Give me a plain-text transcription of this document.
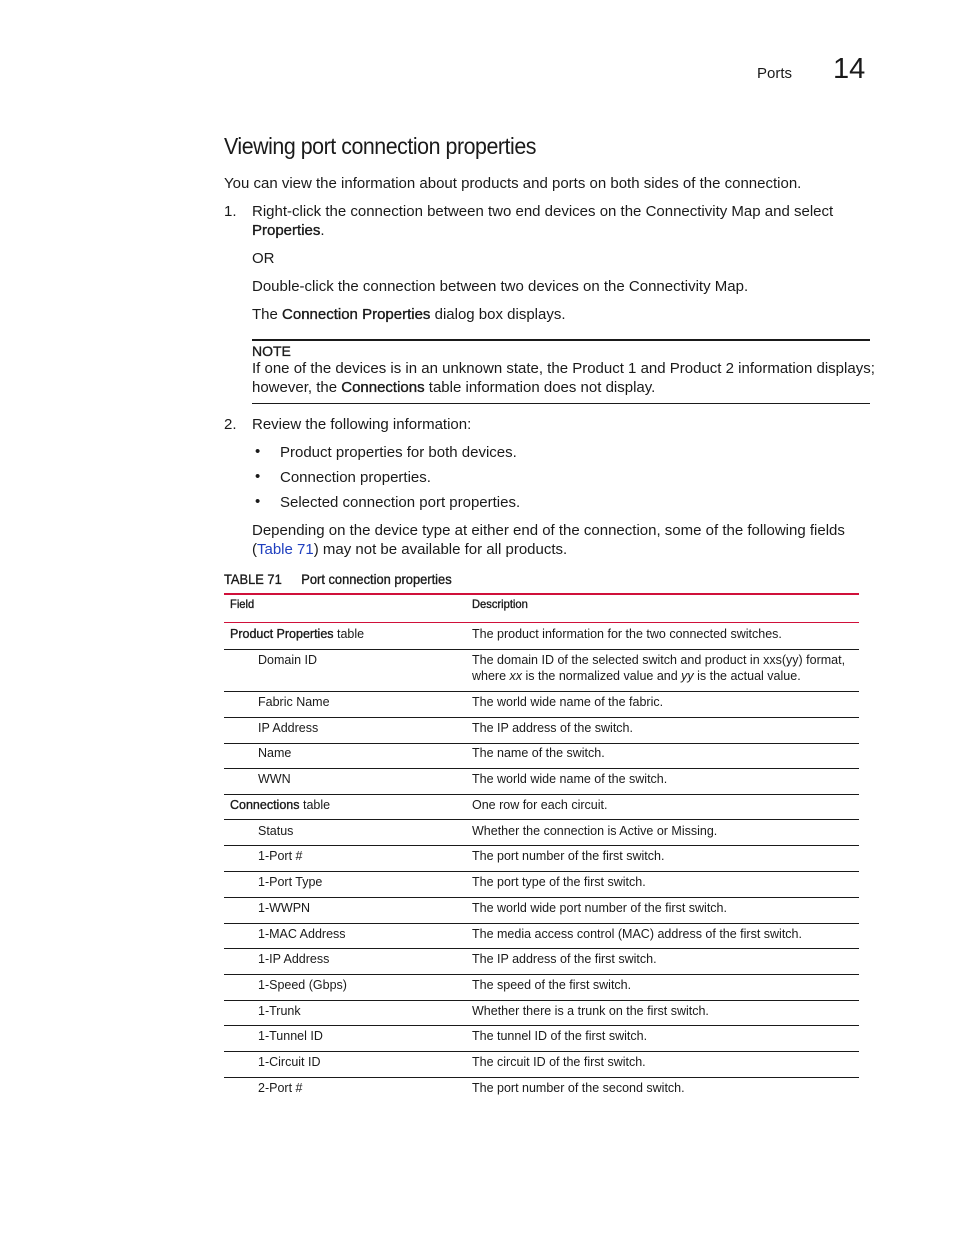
Ports 14
Viewing port connection properties
You can view the information about products and ports on both sides of the connection.
1.	Right-click the connection between two end devices on the Connectivity Map and select
Properties.
OR
Double-click the connection between two devices on the Connectivity Map.
The Connection Properties dialog box displays.
NOTE
If one of the devices is in an unknown state, the Product 1 and Product 2 information displays;
however, the Connections table information does not display.
2.	Review the following information:
• Product properties for both devices.
• Connection properties.
• Selected connection port properties.
Depending on the device type at either end of the connection, some of the following fields
(Table 71) may not be available for all products.
TABLE 71 Port connection properties
Field	Description
Product Properties table	The product information for the two connected switches.
Domain ID	The domain ID of the selected switch and product in xxs(yy) format,
where xx is the normalized value and yy is the actual value.
Fabric Name	The world wide name of the fabric.
IP Address	The IP address of the switch.
Name	The name of the switch.
WWN	The world wide name of the switch.
Connections table	One row for each circuit.
Status	Whether the connection is Active or Missing.
1-Port #	The port number of the first switch.
1-Port Type	The port type of the first switch.
1-WWPN	The world wide port number of the first switch.
1-MAC Address	The media access control (MAC) address of the first switch.
1-IP Address	The IP address of the first switch.
1-Speed (Gbps)	The speed of the first switch.
1-Trunk	Whether there is a trunk on the first switch.
1-Tunnel ID	The tunnel ID of the first switch.
1-Circuit ID	The circuit ID of the first switch.
2-Port #	The port number of the second switch.
